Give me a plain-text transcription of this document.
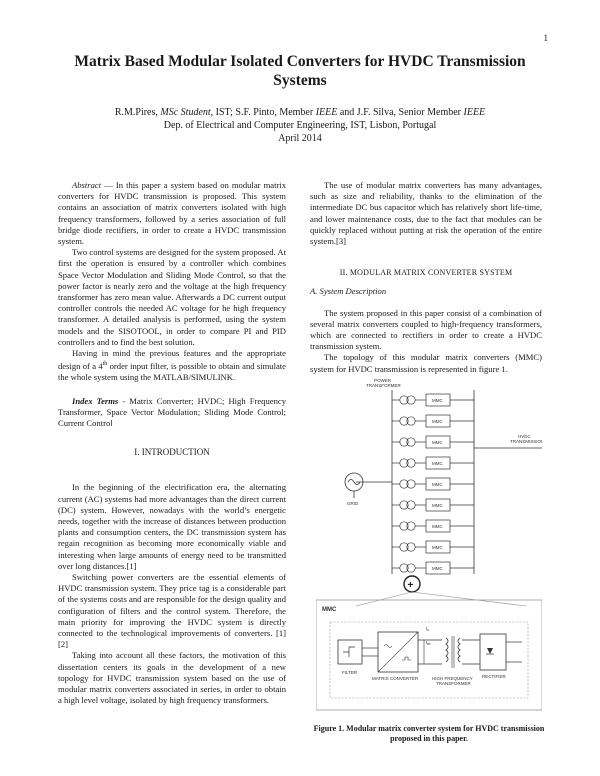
1
Matrix Based Modular Isolated Converters for HVDC Transmission Systems
R.M.Pires, MSc Student, IST; S.F. Pinto, Member IEEE and J.F. Silva, Senior Member IEEE
Dep. of Electrical and Computer Engineering, IST, Lisbon, Portugal
April 2014

Abstract — In this paper a system based on modular matrix converters for HVDC transmission is proposed. This system contains an association of matrix converters isolated with high frequency transformers, followed by a series association of full bridge diode rectifiers, in order to create a HVDC transmission system.

Two control systems are designed for the system proposed. At first the operation is ensured by a controller which combines Space Vector Modulation and Sliding Mode Control, so that the power factor is nearly zero and the voltage at the high frequency transformer has zero mean value. Afterwards a DC current output controller controls the needed AC voltage for he high frequency transformer. A detailed analysis is performed, using the system models and the SISOTOOL, in order to compare PI and PID controllers and to find the best solution.

Having in mind the previous features and the appropriate design of a 4th order input filter, is possible to obtain and simulate the whole system using the MATLAB/SIMULINK.

Index Terms - Matrix Converter; HVDC; High Frequency Transformer, Space Vector Modulation; Sliding Mode Control; Current Control

I. INTRODUCTION

In the beginning of the electrification era, the alternating current (AC) systems had more advantages than the direct current (DC) system. However, nowadays with the world’s energetic needs, together with the increase of distances between production plants and consumption centers, the DC transmission system has regain recognition as becoming more economically viable and interesting when large amounts of energy need to be transmitted over long distances.[1]

Switching power converters are the essential elements of HVDC transmission system. They price tag is a considerable part of the systems costs and are responsible for the design quality and configuration of filters and the control system. Therefore, the main priority for improving the HVDC system is directly connected to the technological improvements of converters. [1] [2]

Taking into account all these factors, the motivation of this dissertation centers its goals in the development of a new topology for HVDC transmission system based on the use of modular matrix converters associated in series, in order to obtain a high level voltage, isolated by high frequency transformers.

The use of modular matrix converters has many advantages, such as size and reliability, thanks to the elimination of the intermediate DC bus capacitor which has relatively short life-time, and lower maintenance costs, due to the fact that modules can be quickly replaced without putting at risk the operation of the entire system.[3]

II. MODULAR MATRIX CONVERTER SYSTEM

A. System Description

The system proposed in this paper consist of a combination of several matrix converters coupled to high-frequency transformers, which are connected to rectifiers in order to create a HVDC transmission system.

The topology of this modular matrix converters (MMC) system for HVDC transmission is represented in figure 1.

POWER TRANSFORMER
GRID
MMC
MMC
MMC
MMC
MMC
MMC
MMC
MMC
MMC
HVDC TRANSMISSION
+
MMC
FILTER
MATRIX CONVERTER
$i_o$
$i_{dc}$
HIGH FREQUENCY TRANSFORMER
RECTIFIER
Figure 1. Modular matrix converter system for HVDC transmission proposed in this paper.
